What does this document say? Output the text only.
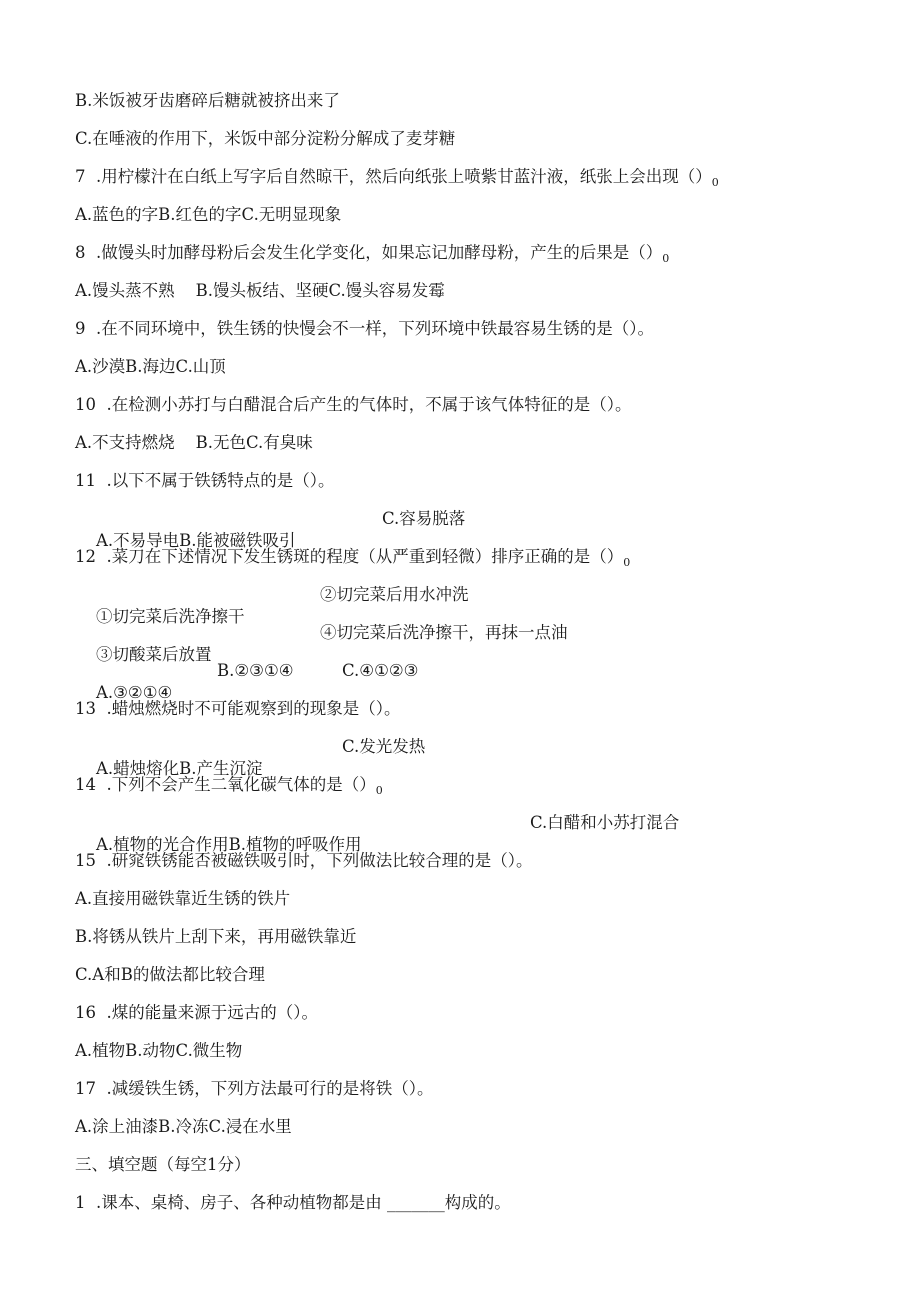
B.米饭被牙齿磨碎后糖就被挤出来了
C.在唾液的作用下，米饭中部分淀粉分解成了麦芽糖
7  .用柠檬汁在白纸上写字后自然晾干，然后向纸张上喷紫甘蓝汁液，纸张上会出现$()_0$
A.蓝色的字B.红色的字C.无明显现象
8  .做馒头时加酵母粉后会发生化学变化，如果忘记加酵母粉，产生的后果是$()_0$
A.馒头蒸不熟    B.馒头板结、坚硬C.馒头容易发霉
9  .在不同环境中，铁生锈的快慢会不一样，下列环境中铁最容易生锈的是（）。
A.沙漠B.海边C.山顶
10  .在检测小苏打与白醋混合后产生的气体时，不属于该气体特征的是（）。
A.不支持燃烧    B.无色C.有臭味
11  .以下不属于铁锈特点的是（）。

A.不易导电B.能被磁铁吸引

C.容易脱落

12  .菜刀在下述情况下发生锈斑的程度（从严重到轻微）排序正确的是$()_0$

①切完菜后洗净擦干

②切完菜后用水冲洗

③切酸菜后放置

④切完菜后洗净擦干，再抹一点油

A.③②①④

B.②③①④

	C.④①②③

13  .蜡烛燃烧时不可能观察到的现象是（）。

A.蜡烛熔化B.产生沉淀

C.发光发热

14  .下列不会产生二氧化碳气体的是$()_0$

A.植物的光合作用B.植物的呼吸作用

C.白醋和小苏打混合

15  .研窕铁锈能否被磁铁吸引时，下列做法比较合理的是（）。
A.直接用磁铁靠近生锈的铁片
B.将锈从铁片上刮下来，再用磁铁靠近
C.A和B的做法都比较合理
16  .煤的能量来源于远古的（）。
A.植物B.动物C.微生物
17  .减缓铁生锈，下列方法最可行的是将铁（）。
A.涂上油漆B.冷冻C.浸在水里
三、填空题（每空1分）
1  .课本、桌椅、房子、各种动植物都是由 _______构成的。
